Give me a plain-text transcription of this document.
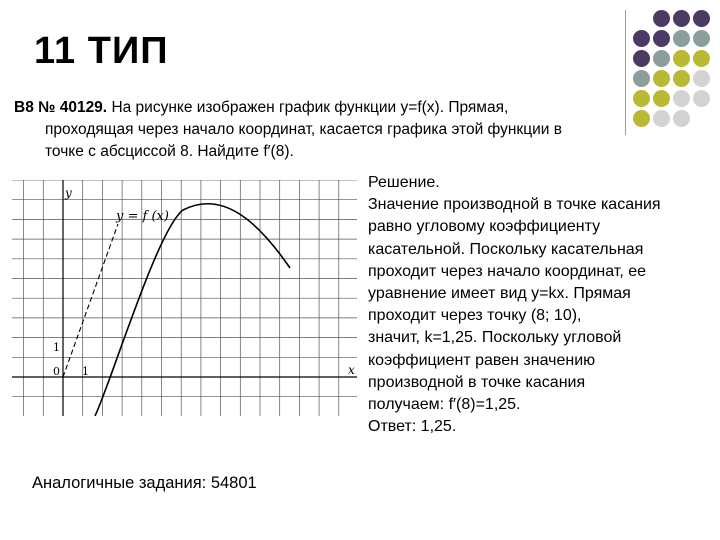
11 ТИП
В8 № 40129. На рисунке изображен график функции y=f(x). Прямая,
проходящая через начало координат, касается графика этой функции в
точке с абсциссой 8. Найдите f′(8).
y = f (x)
y
x
0 1
1
Решение.
Значение производной в точке касания
равно угловому коэффициенту
касательной. Поскольку касательная
проходит через начало координат, ее
уравнение имеет вид y=kx. Прямая
проходит через точку (8; 10),
значит, k=1,25. Поскольку угловой
коэффициент равен значению
производной в точке касания
получаем: f′(8)=1,25.
Ответ: 1,25.
Аналогичные задания: 54801
